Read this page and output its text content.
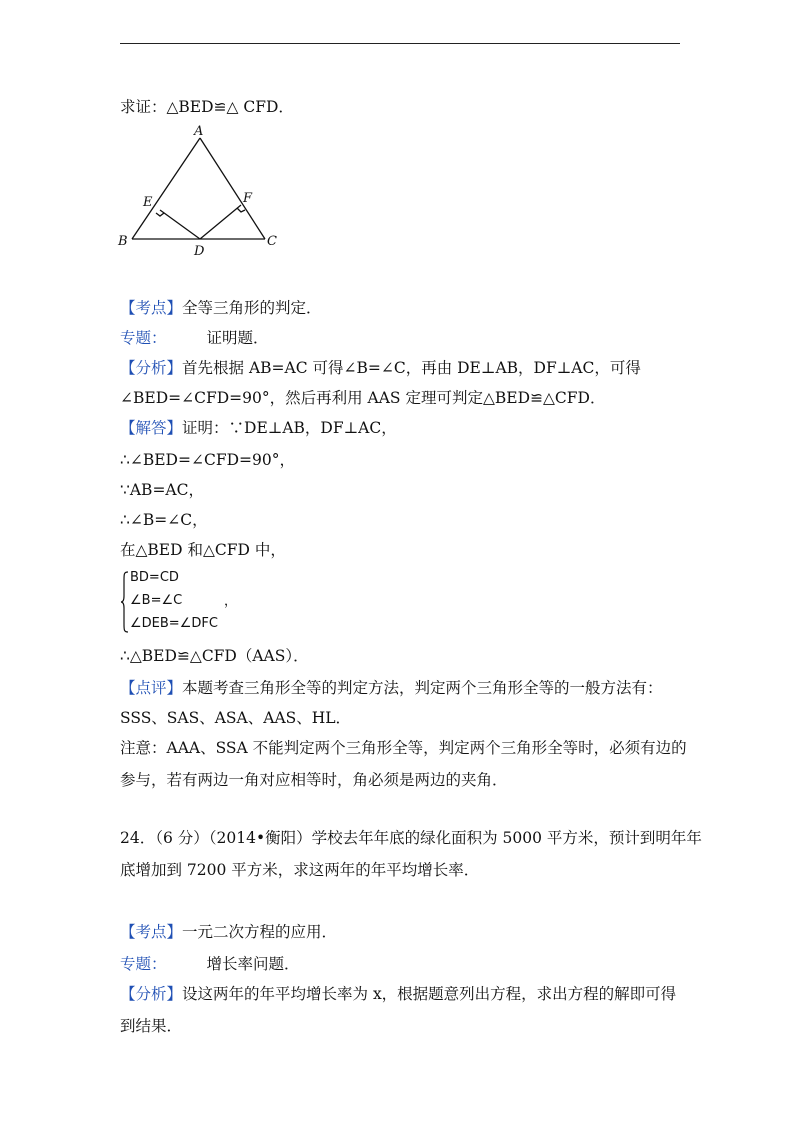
求证：△BED≌△ CFD．
A
B	C
D
E	F
【考点】全等三角形的判定．
专题：	证明题．
【分析】首先根据 AB=AC 可得∠B=∠C，再由 DE⊥AB，DF⊥AC，可得
∠BED=∠CFD=90°，然后再利用 AAS 定理可判定△BED≌△CFD．
【解答】证明：∵DE⊥AB，DF⊥AC，
∴∠BED=∠CFD=90°，
∵AB=AC，
∴∠B=∠C，
在△BED 和△CFD 中，
BD=CD
∠B=∠C
∠DEB=∠DFC
，
∴△BED≌△CFD（AAS）．
【点评】本题考查三角形全等的判定方法，判定两个三角形全等的一般方法有：
SSS、SAS、ASA、AAS、HL．
注意：AAA、SSA 不能判定两个三角形全等，判定两个三角形全等时，必须有边的
参与，若有两边一角对应相等时，角必须是两边的夹角．
24．（6 分）（2014•衡阳）学校去年年底的绿化面积为 5000 平方米，预计到明年年
底增加到 7200 平方米，求这两年的年平均增长率．
【考点】一元二次方程的应用．
专题：	增长率问题．
【分析】设这两年的年平均增长率为 x，根据题意列出方程，求出方程的解即可得
到结果．
